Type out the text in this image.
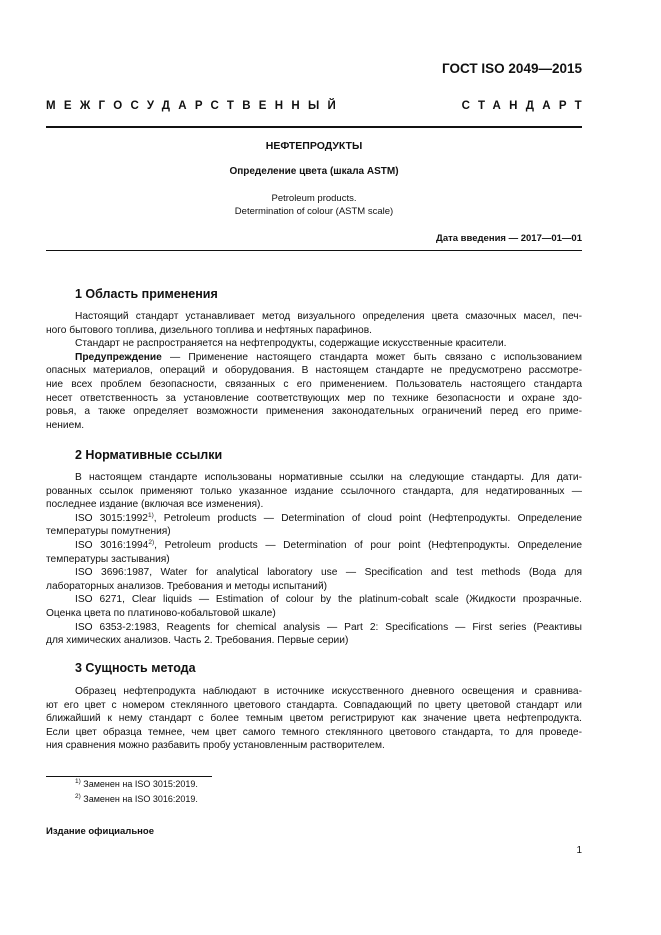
ГОСТ ISO 2049—2015
МЕЖГОСУДАРСТВЕННЫЙ	СТАНДАРТ
НЕФТЕПРОДУКТЫ
Определение цвета (шкала ASTM)
Petroleum products.
Determination of colour (ASTM scale)
Дата введения — 2017—01—01
1 Область применения
Настоящий стандарт устанавливает метод визуального определения цвета смазочных масел, печ-
ного бытового топлива, дизельного топлива и нефтяных парафинов.
Стандарт не распространяется на нефтепродукты, содержащие искусственные красители.
Предупреждение — Применение настоящего стандарта может быть связано с использованием
опасных материалов, операций и оборудования. В настоящем стандарте не предусмотрено рассмотре-
ние всех проблем безопасности, связанных с его применением. Пользователь настоящего стандарта
несет ответственность за установление соответствующих мер по технике безопасности и охране здо-
ровья, а также определяет возможности применения законодательных ограничений перед его приме-
нением.
2 Нормативные ссылки
В настоящем стандарте использованы нормативные ссылки на следующие стандарты. Для дати-
рованных ссылок применяют только указанное издание ссылочного стандарта, для недатированных —
последнее издание (включая все изменения).
ISO 3015:1992$^{1)}$, Petroleum products — Determination of cloud point (Нефтепродукты. Определение
температуры помутнения)
ISO 3016:1994$^{2)}$, Petroleum products — Determination of pour point (Нефтепродукты. Определение
температуры застывания)
ISO 3696:1987, Water for analytical laboratory use — Specification and test methods (Вода для
лабораторных анализов. Требования и методы испытаний)
ISO 6271, Clear liquids — Estimation of colour by the platinum-cobalt scale (Жидкости прозрачные.
Оценка цвета по платиново-кобальтовой шкале)
ISO 6353-2:1983, Reagents for chemical analysis — Part 2: Specifications — First series (Реактивы
для химических анализов. Часть 2. Требования. Первые серии)
3 Сущность метода
Образец нефтепродукта наблюдают в источнике искусственного дневного освещения и сравнива-
ют его цвет с номером стеклянного цветового стандарта. Совпадающий по цвету цветовой стандарт или
ближайший к нему стандарт с более темным цветом регистрируют как значение цвета нефтепродукта.
Если цвет образца темнее, чем цвет самого темного стеклянного цветового стандарта, то для проведе-
ния сравнения можно разбавить пробу установленным растворителем.
$^{1)}$ Заменен на ISO 3015:2019.
$^{2)}$ Заменен на ISO 3016:2019.
Издание официальное
1
